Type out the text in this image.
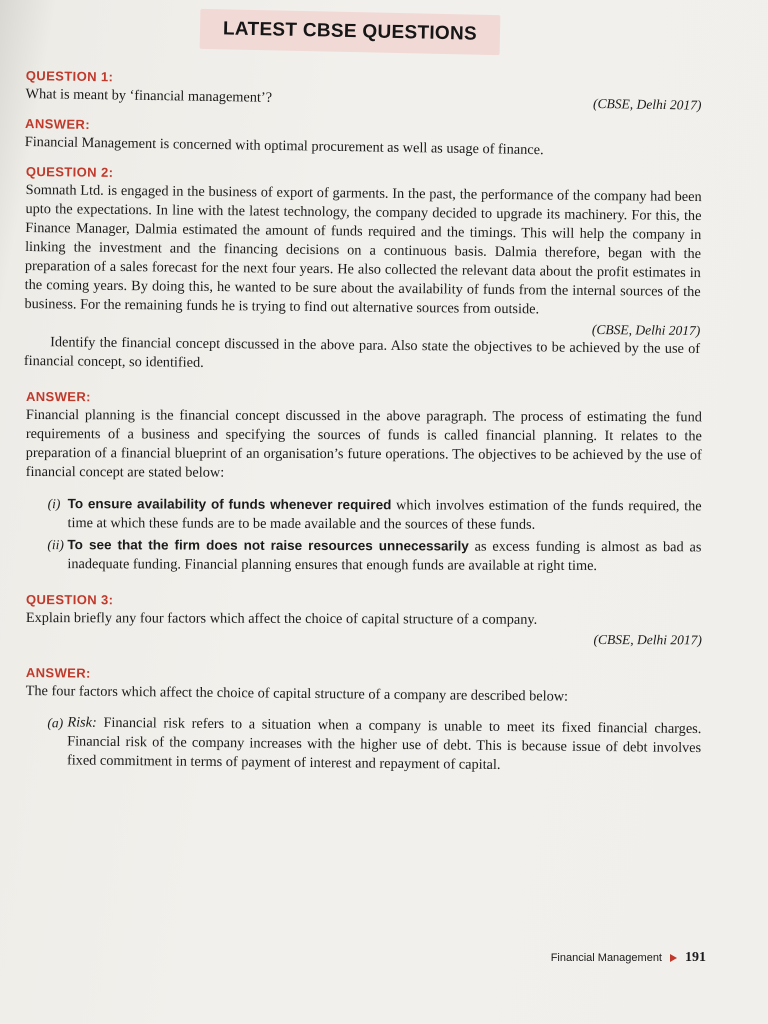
LATEST CBSE QUESTIONS
QUESTION 1:

(CBSE, Delhi 2017)
What is meant by ‘financial management’?

ANSWER:

Financial Management is concerned with optimal procurement as well as usage of finance.

QUESTION 2:

Somnath Ltd. is engaged in the business of export of garments. In the past, the performance of the company had been upto the expectations. In line with the latest technology, the company decided to upgrade its machinery. For this, the Finance Manager, Dalmia estimated the amount of funds required and the timings. This will help the company in linking the investment and the financing decisions on a continuous basis. Dalmia therefore, began with the preparation of a sales forecast for the next four years. He also collected the relevant data about the profit estimates in the coming years. By doing this, he wanted to be sure about the availability of funds from the internal sources of the business. For the remaining funds he is trying to find out alternative sources from outside.

(CBSE, Delhi 2017)

Identify the financial concept discussed in the above para. Also state the objectives to be achieved by the use of financial concept, so identified.

ANSWER:

Financial planning is the financial concept discussed in the above paragraph. The process of estimating the fund requirements of a business and specifying the sources of funds is called financial planning. It relates to the preparation of a financial blueprint of an organisation’s future operations. The objectives to be achieved by the use of financial concept are stated below:

(i) To ensure availability of funds whenever required which involves estimation of the funds required, the time at which these funds are to be made available and the sources of these funds.
(ii) To see that the firm does not raise resources unnecessarily as excess funding is almost as bad as inadequate funding. Financial planning ensures that enough funds are available at right time.
QUESTION 3:

Explain briefly any four factors which affect the choice of capital structure of a company.

(CBSE, Delhi 2017)

ANSWER:

The four factors which affect the choice of capital structure of a company are described below:

(a) Risk: Financial risk refers to a situation when a company is unable to meet its fixed financial charges. Financial risk of the company increases with the higher use of debt. This is because issue of debt involves fixed commitment in terms of payment of interest and repayment of capital.
Financial Management 191
